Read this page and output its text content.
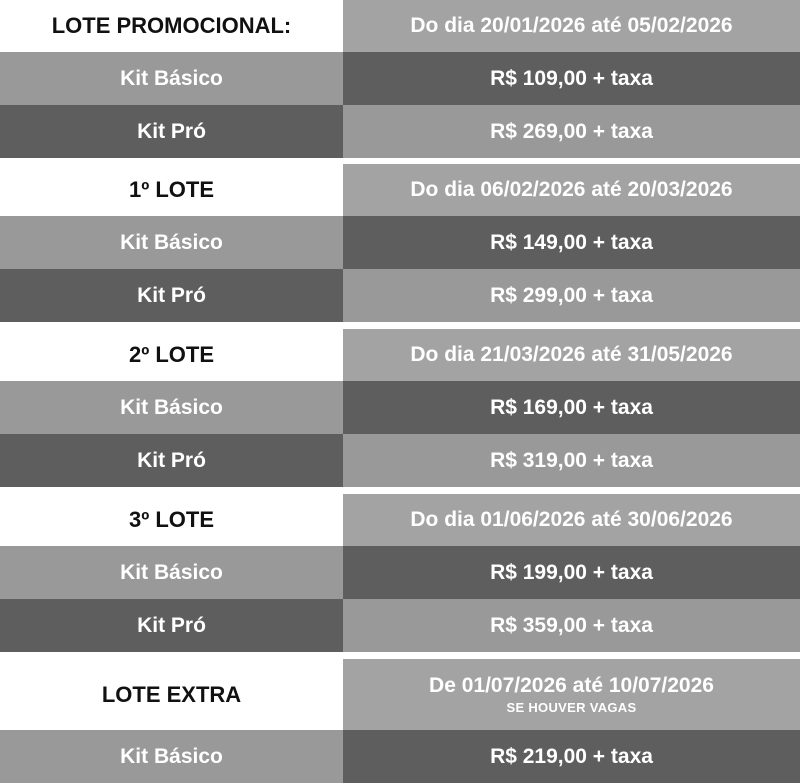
LOTE PROMOCIONAL:	Do dia 20/01/2026 até 05/02/2026
Kit Básico	R$ 109,00 + taxa
Kit Pró	R$ 269,00 + taxa
1º LOTE	Do dia 06/02/2026 até 20/03/2026
Kit Básico	R$ 149,00 + taxa
Kit Pró	R$ 299,00 + taxa
2º LOTE	Do dia 21/03/2026 até 31/05/2026
Kit Básico	R$ 169,00 + taxa
Kit Pró	R$ 319,00 + taxa
3º LOTE	Do dia 01/06/2026 até 30/06/2026
Kit Básico	R$ 199,00 + taxa
Kit Pró	R$ 359,00 + taxa
LOTE EXTRA	De 01/07/2026 até 10/07/2026
SE HOUVER VAGAS
Kit Básico	R$ 219,00 + taxa
